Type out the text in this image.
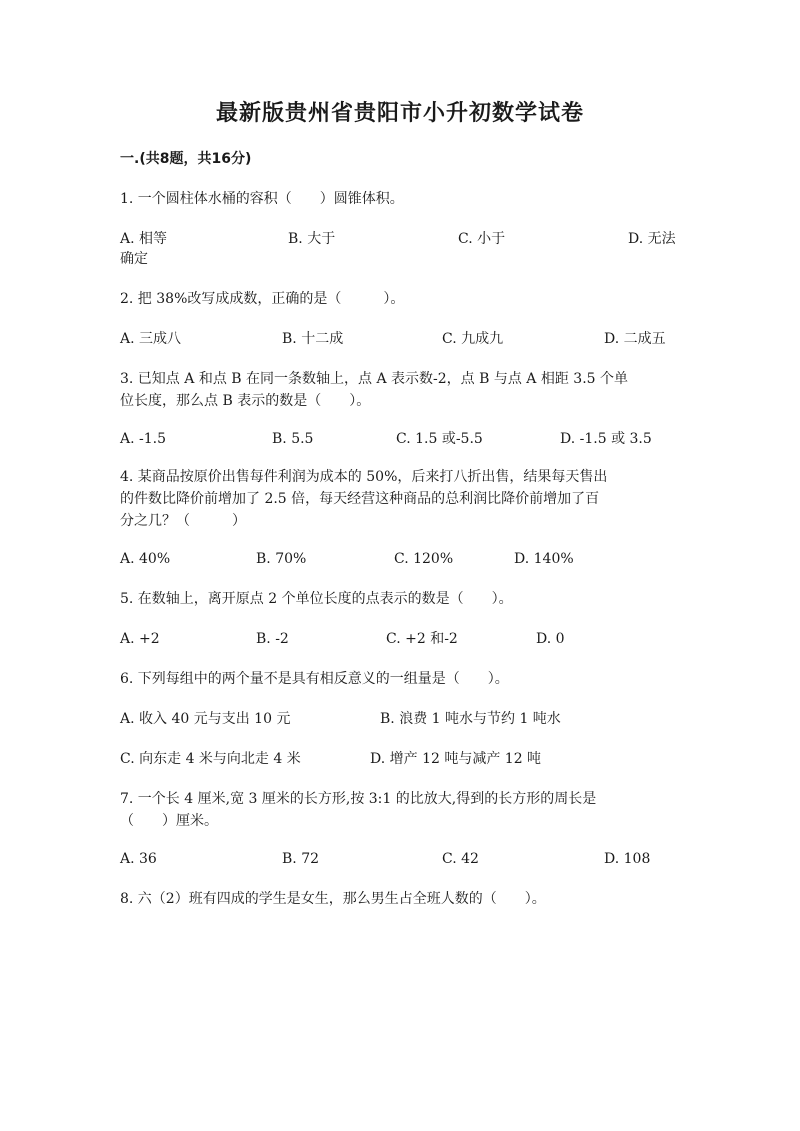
最新版贵州省贵阳市小升初数学试卷
一.(共8题，共16分)

1. 一个圆柱体水桶的容积（　　）圆锥体积。

A. 相等	B. 大于	C. 小于	D. 无法
确定

2. 把 38%改写成成数，正确的是（　　　）。

A. 三成八	B. 十二成	C. 九成九	D. 二成五

3. 已知点 A 和点 B 在同一条数轴上，点 A 表示数-2，点 B 与点 A 相距 3.5 个单

位长度，那么点 B 表示的数是（　　）。

A. -1.5	B. 5.5	C. 1.5 或-5.5	D. -1.5 或 3.5

4. 某商品按原价出售每件利润为成本的 50%，后来打八折出售，结果每天售出

的件数比降价前增加了 2.5 倍，每天经营这种商品的总利润比降价前增加了百

分之几？（　　　）

A. 40%	B. 70%	C. 120%	D. 140%

5. 在数轴上，离开原点 2 个单位长度的点表示的数是（　　）。

A. +2	B. -2	C. +2 和-2	D. 0

6. 下列每组中的两个量不是具有相反意义的一组量是（　　）。

A. 收入 40 元与支出 10 元	B. 浪费 1 吨水与节约 1 吨水
C. 向东走 4 米与向北走 4 米	D. 增产 12 吨与减产 12 吨

7. 一个长 4 厘米,宽 3 厘米的长方形,按 3:1 的比放大,得到的长方形的周长是

（　　）厘米。

A. 36	B. 72	C. 42	D. 108

8. 六（2）班有四成的学生是女生，那么男生占全班人数的（　　）。
